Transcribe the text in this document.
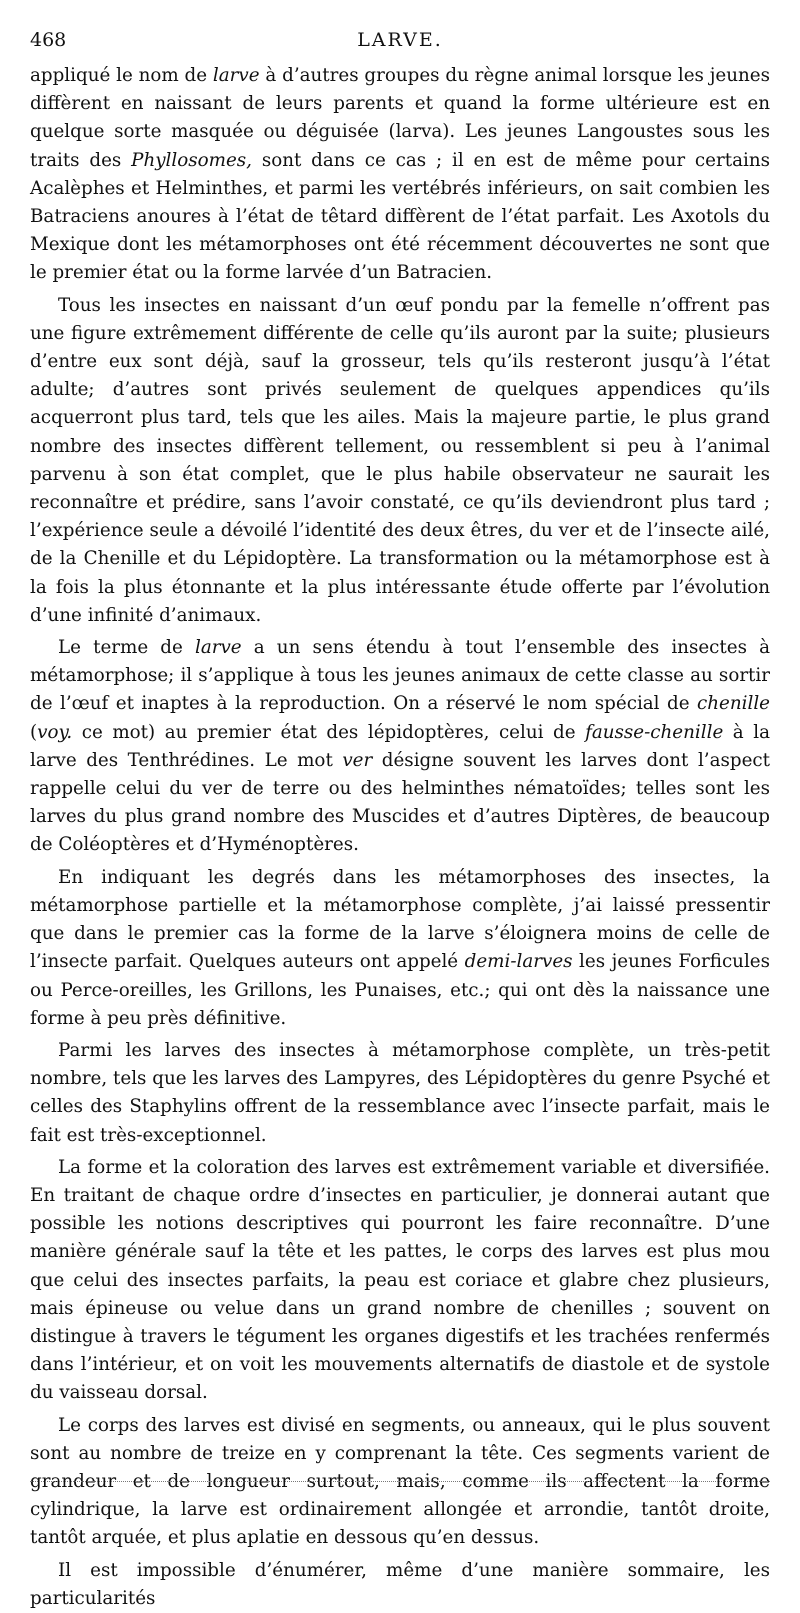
468	LARVE.

appliqué le nom de larve à d’autres groupes du règne animal lorsque les jeunes diffèrent en naissant de leurs parents et quand la forme ultérieure est en quelque sorte masquée ou déguisée (larva). Les jeunes Langoustes sous les traits des Phyllosomes, sont dans ce cas ; il en est de même pour certains Acalèphes et Helminthes, et parmi les vertébrés inférieurs, on sait combien les Batraciens anoures à l’état de têtard diffèrent de l’état parfait. Les Axotols du Mexique dont les métamorphoses ont été récemment découvertes ne sont que le premier état ou la forme larvée d’un Batracien.

Tous les insectes en naissant d’un œuf pondu par la femelle n’offrent pas une figure extrêmement différente de celle qu’ils auront par la suite; plusieurs d’entre eux sont déjà, sauf la grosseur, tels qu’ils resteront jusqu’à l’état adulte; d’autres sont privés seulement de quelques appendices qu’ils acquerront plus tard, tels que les ailes. Mais la majeure partie, le plus grand nombre des insectes diffèrent tellement, ou ressemblent si peu à l’animal parvenu à son état complet, que le plus habile observateur ne saurait les reconnaître et prédire, sans l’avoir constaté, ce qu’ils deviendront plus tard ; l’expérience seule a dévoilé l’identité des deux êtres, du ver et de l’insecte ailé, de la Chenille et du Lépidoptère. La transformation ou la métamorphose est à la fois la plus étonnante et la plus intéressante étude offerte par l’évolution d’une infinité d’animaux.

Le terme de larve a un sens étendu à tout l’ensemble des insectes à métamorphose; il s’applique à tous les jeunes animaux de cette classe au sortir de l’œuf et inaptes à la reproduction. On a réservé le nom spécial de chenille (voy. ce mot) au premier état des lépidoptères, celui de fausse-chenille à la larve des Tenthrédines. Le mot ver désigne souvent les larves dont l’aspect rappelle celui du ver de terre ou des helminthes nématoïdes; telles sont les larves du plus grand nombre des Muscides et d’autres Diptères, de beaucoup de Coléoptères et d’Hyménoptères.

En indiquant les degrés dans les métamorphoses des insectes, la métamorphose partielle et la métamorphose complète, j’ai laissé pressentir que dans le premier cas la forme de la larve s’éloignera moins de celle de l’insecte parfait. Quelques auteurs ont appelé demi-larves les jeunes Forficules ou Perce-oreilles, les Grillons, les Punaises, etc.; qui ont dès la naissance une forme à peu près définitive.

Parmi les larves des insectes à métamorphose complète, un très-petit nombre, tels que les larves des Lampyres, des Lépidoptères du genre Psyché et celles des Staphylins offrent de la ressemblance avec l’insecte parfait, mais le fait est très-exceptionnel.

La forme et la coloration des larves est extrêmement variable et diversifiée. En traitant de chaque ordre d’insectes en particulier, je donnerai autant que possible les notions descriptives qui pourront les faire reconnaître. D’une manière générale sauf la tête et les pattes, le corps des larves est plus mou que celui des insectes parfaits, la peau est coriace et glabre chez plusieurs, mais épineuse ou velue dans un grand nombre de chenilles ; souvent on distingue à travers le tégument les organes digestifs et les trachées renfermés dans l’intérieur, et on voit les mouvements alternatifs de diastole et de systole du vaisseau dorsal.

Le corps des larves est divisé en segments, ou anneaux, qui le plus souvent sont au nombre de treize en y comprenant la tête. Ces segments varient de grandeur et de longueur surtout, mais, comme ils affectent la forme cylindrique, la larve est ordinairement allongée et arrondie, tantôt droite, tantôt arquée, et plus aplatie en dessous qu’en dessus.

Il est impossible d’énumérer, même d’une manière sommaire, les particularités
